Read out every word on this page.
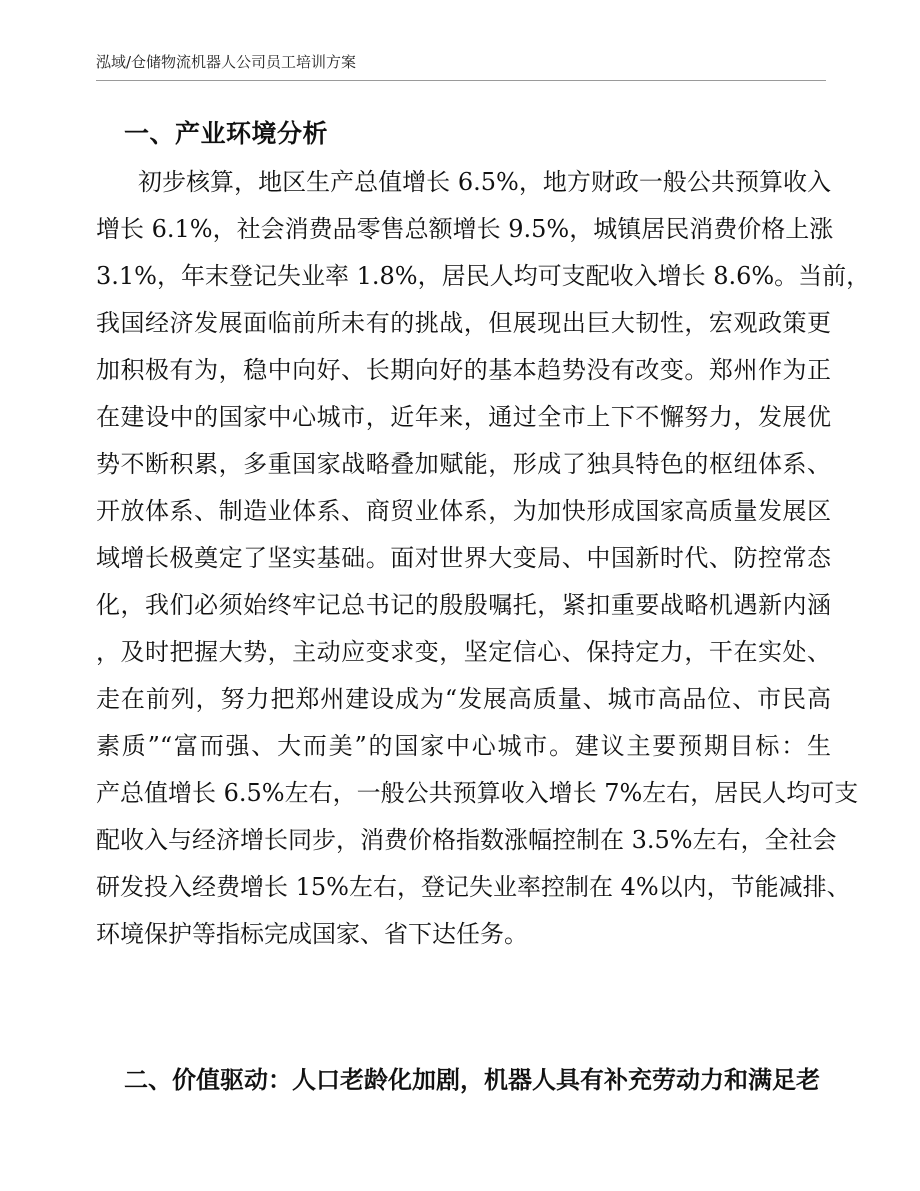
泓域/仓储物流机器人公司员工培训方案
一、产业环境分析
初步核算，地区生产总值增长 6.5%，地方财政一般公共预算收入
增长 6.1%，社会消费品零售总额增长 9.5%，城镇居民消费价格上涨
3.1%，年末登记失业率 1.8%，居民人均可支配收入增长 8.6%。当前，
我国经济发展面临前所未有的挑战，但展现出巨大韧性，宏观政策更
加积极有为，稳中向好、长期向好的基本趋势没有改变。郑州作为正
在建设中的国家中心城市，近年来，通过全市上下不懈努力，发展优
势不断积累，多重国家战略叠加赋能，形成了独具特色的枢纽体系、
开放体系、制造业体系、商贸业体系，为加快形成国家高质量发展区
域增长极奠定了坚实基础。面对世界大变局、中国新时代、防控常态
化，我们必须始终牢记总书记的殷殷嘱托，紧扣重要战略机遇新内涵
，及时把握大势，主动应变求变，坚定信心、保持定力，干在实处、
走在前列，努力把郑州建设成为“发展高质量、城市高品位、市民高
素质”“富而强、大而美”的国家中心城市。建议主要预期目标：生
产总值增长 6.5%左右，一般公共预算收入增长 7%左右，居民人均可支
配收入与经济增长同步，消费价格指数涨幅控制在 3.5%左右，全社会
研发投入经费增长 15%左右，登记失业率控制在 4%以内，节能减排、
环境保护等指标完成国家、省下达任务。
二、价值驱动：人口老龄化加剧，机器人具有补充劳动力和满足老
